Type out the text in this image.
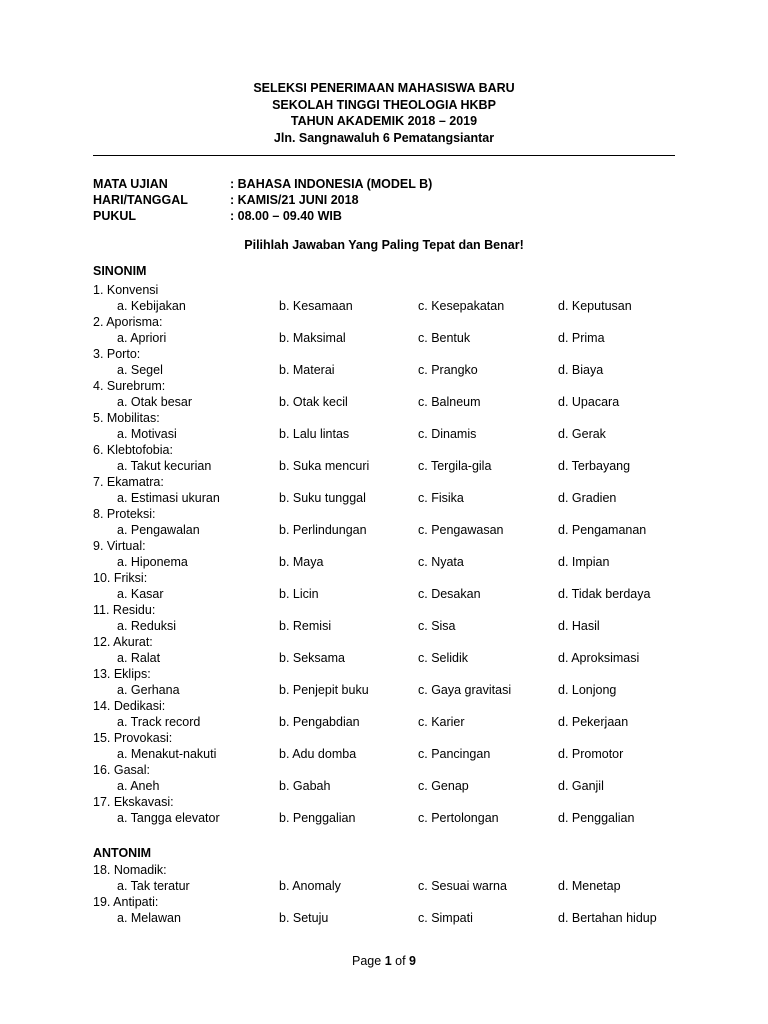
SELEKSI PENERIMAAN MAHASISWA BARU
SEKOLAH TINGGI THEOLOGIA HKBP
TAHUN AKADEMIK 2018 – 2019
Jln. Sangnawaluh 6 Pematangsiantar
MATA UJIAN	: BAHASA INDONESIA (MODEL B)
HARI/TANGGAL	: KAMIS/21 JUNI 2018
PUKUL	: 08.00 – 09.40 WIB
Pilihlah Jawaban Yang Paling Tepat dan Benar!
SINONIM
1. Konvensi
a. Kebijakan	b. Kesamaan	c. Kesepakatan	d. Keputusan
2. Aporisma:
a. Apriori	b. Maksimal	c. Bentuk	d. Prima
3. Porto:
a. Segel	b. Materai	c. Prangko	d. Biaya
4. Surebrum:
a. Otak besar	b. Otak kecil	c. Balneum	d. Upacara
5. Mobilitas:
a. Motivasi	b. Lalu lintas	c. Dinamis	d. Gerak
6. Klebtofobia:
a. Takut kecurian	b. Suka mencuri	c. Tergila-gila	d. Terbayang
7. Ekamatra:
a. Estimasi ukuran	b. Suku tunggal	c. Fisika	d. Gradien
8. Proteksi:
a. Pengawalan	b. Perlindungan	c. Pengawasan	d. Pengamanan
9. Virtual:
a. Hiponema	b. Maya	c. Nyata	d. Impian
10. Friksi:
a. Kasar	b. Licin	c. Desakan	d. Tidak berdaya
11. Residu:
a. Reduksi	b. Remisi	c. Sisa	d. Hasil
12. Akurat:
a. Ralat	b. Seksama	c. Selidik	d. Aproksimasi
13. Eklips:
a. Gerhana	b. Penjepit buku	c. Gaya gravitasi	d. Lonjong
14. Dedikasi:
a. Track record	b. Pengabdian	c. Karier	d. Pekerjaan
15. Provokasi:
a. Menakut-nakuti	b. Adu domba	c. Pancingan	d. Promotor
16. Gasal:
a. Aneh	b. Gabah	c. Genap	d. Ganjil
17. Ekskavasi:
a. Tangga elevator	b. Penggalian	c. Pertolongan	d. Penggalian
ANTONIM
18. Nomadik:
a. Tak teratur	b. Anomaly	c. Sesuai warna	d. Menetap
19. Antipati:
a. Melawan	b. Setuju	c. Simpati	d. Bertahan hidup
Page 1 of 9
